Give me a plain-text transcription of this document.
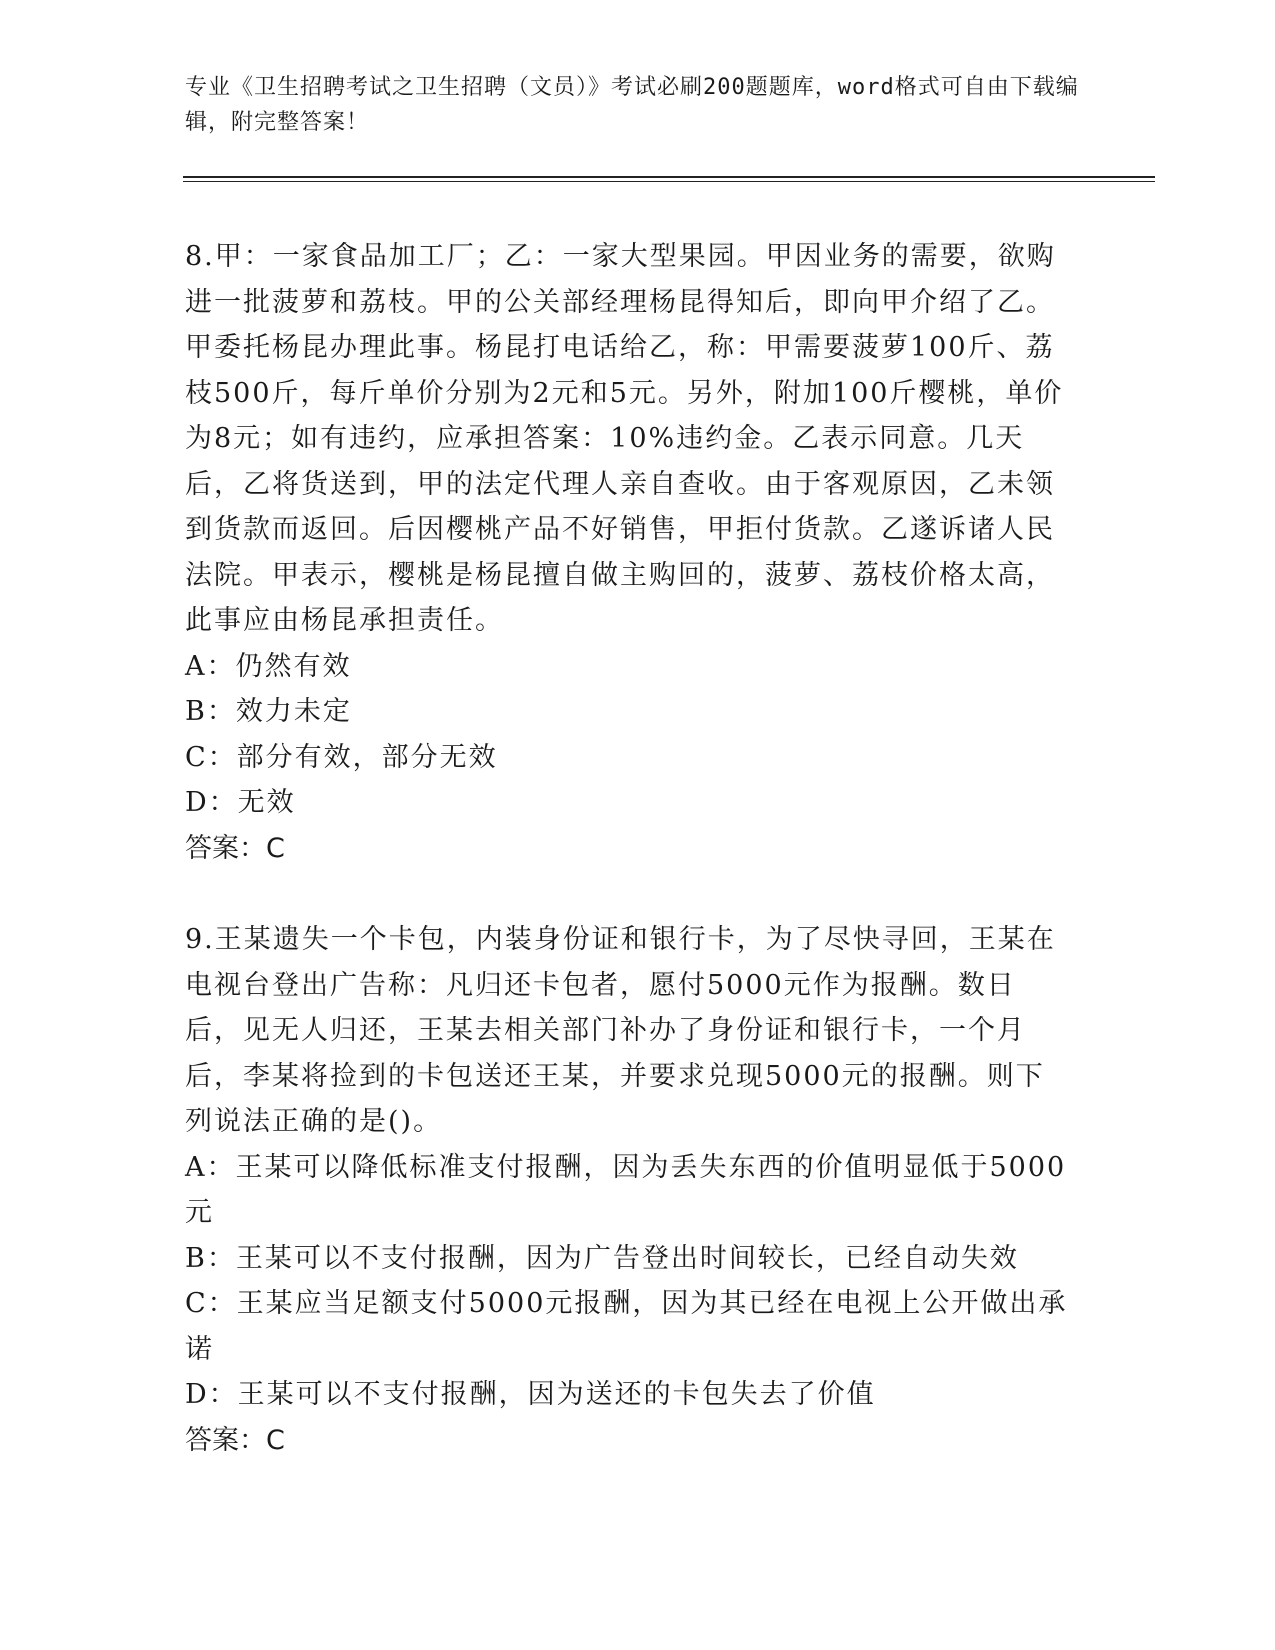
专业《卫生招聘考试之卫生招聘（文员）》考试必刷200题题库，word格式可自由下载编辑，附完整答案！

8.甲：一家食品加工厂；乙：一家大型果园。甲因业务的需要，欲购进一批菠萝和荔枝。甲的公关部经理杨昆得知后，即向甲介绍了乙。甲委托杨昆办理此事。杨昆打电话给乙，称：甲需要菠萝100斤、荔枝500斤，每斤单价分别为2元和5元。另外，附加100斤樱桃，单价为8元；如有违约，应承担答案：10%违约金。乙表示同意。几天后，乙将货送到，甲的法定代理人亲自查收。由于客观原因，乙未领到货款而返回。后因樱桃产品不好销售，甲拒付货款。乙遂诉诸人民法院。甲表示，樱桃是杨昆擅自做主购回的，菠萝、荔枝价格太高，此事应由杨昆承担责任。

A：仍然有效

B：效力未定

C：部分有效，部分无效

D：无效

答案：C

9.王某遗失一个卡包，内装身份证和银行卡，为了尽快寻回，王某在电视台登出广告称：凡归还卡包者，愿付5000元作为报酬。数日后，见无人归还，王某去相关部门补办了身份证和银行卡，一个月后，李某将捡到的卡包送还王某，并要求兑现5000元的报酬。则下列说法正确的是()。

A：王某可以降低标准支付报酬，因为丢失东西的价值明显低于5000元

B：王某可以不支付报酬，因为广告登出时间较长，已经自动失效

C：王某应当足额支付5000元报酬，因为其已经在电视上公开做出承诺

D：王某可以不支付报酬，因为送还的卡包失去了价值

答案：C
